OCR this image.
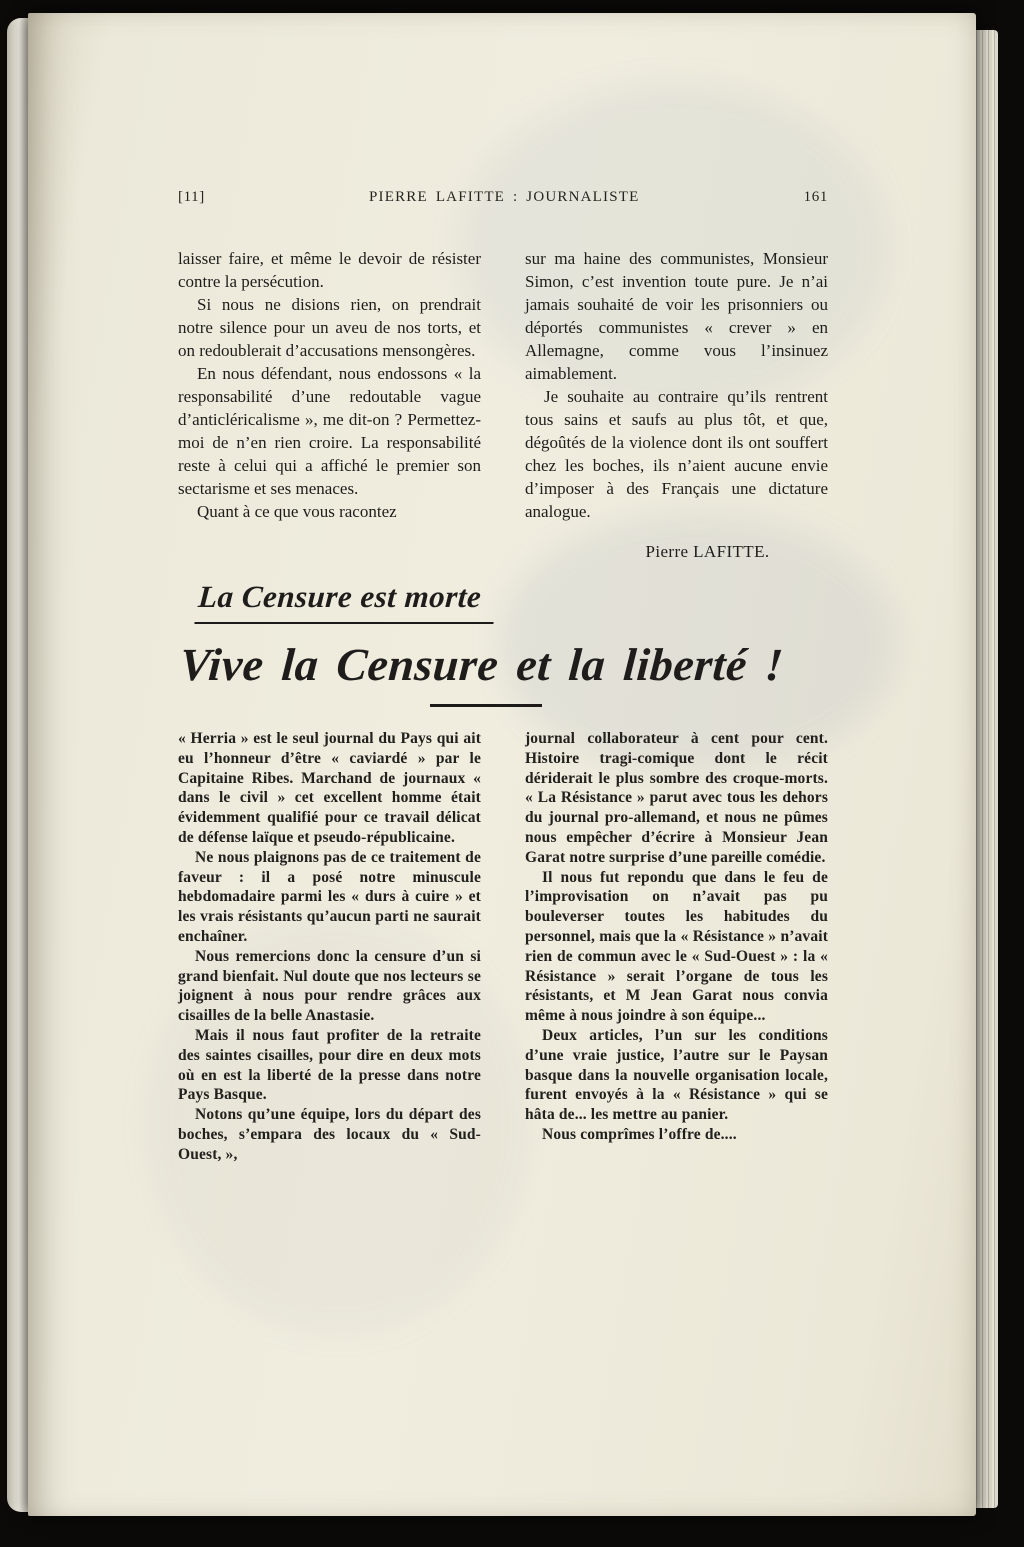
[11]	PIERRE LAFITTE : JOURNALISTE	161

laisser faire, et même le devoir de résister contre la persécution.

Si nous ne disions rien, on prendrait notre silence pour un aveu de nos torts, et on redoublerait d’accusations mensongères.

En nous défendant, nous endossons « la responsabilité d’une redoutable vague d’anticléricalisme », me dit-on ? Permettez-moi de n’en rien croire. La responsabilité reste à celui qui a affiché le premier son sectarisme et ses menaces.

Quant à ce que vous racontez

sur ma haine des communistes, Monsieur Simon, c’est invention toute pure. Je n’ai jamais souhaité de voir les prisonniers ou déportés communistes « crever » en Allemagne, comme vous l’insinuez aimablement.

Je souhaite au contraire qu’ils rentrent tous sains et saufs au plus tôt, et que, dégoûtés de la violence dont ils ont souffert chez les boches, ils n’aient aucune envie d’imposer à des Français une dictature analogue.

Pierre LAFITTE.
La Censure est morte
Vive la Censure et la liberté !

« Herria » est le seul journal du Pays qui ait eu l’honneur d’être « caviardé » par le Capitaine Ribes. Marchand de journaux « dans le civil » cet excellent homme était évidemment qualifié pour ce travail délicat de défense laïque et pseudo-républicaine.

Ne nous plaignons pas de ce traitement de faveur : il a posé notre minuscule hebdomadaire parmi les « durs à cuire » et les vrais résistants qu’aucun parti ne saurait enchaîner.

Nous remercions donc la censure d’un si grand bienfait. Nul doute que nos lecteurs se joignent à nous pour rendre grâces aux cisailles de la belle Anastasie.

Mais il nous faut profiter de la retraite des saintes cisailles, pour dire en deux mots où en est la liberté de la presse dans notre Pays Basque.

Notons qu’une équipe, lors du départ des boches, s’empara des locaux du « Sud-Ouest, »,

journal collaborateur à cent pour cent. Histoire tragi-comique dont le récit dériderait le plus sombre des croque-morts. « La Résistance » parut avec tous les dehors du journal pro-allemand, et nous ne pûmes nous empêcher d’écrire à Monsieur Jean Garat notre surprise d’une pareille comédie.

Il nous fut repondu que dans le feu de l’improvisation on n’avait pas pu bouleverser toutes les habitudes du personnel, mais que la « Résistance » n’avait rien de commun avec le « Sud-Ouest » : la « Résistance » serait l’organe de tous les résistants, et M Jean Garat nous convia même à nous joindre à son équipe...

Deux articles, l’un sur les conditions d’une vraie justice, l’autre sur le Paysan basque dans la nouvelle organisation locale, furent envoyés à la « Résistance » qui se hâta de... les mettre au panier.

Nous comprîmes l’offre de....
